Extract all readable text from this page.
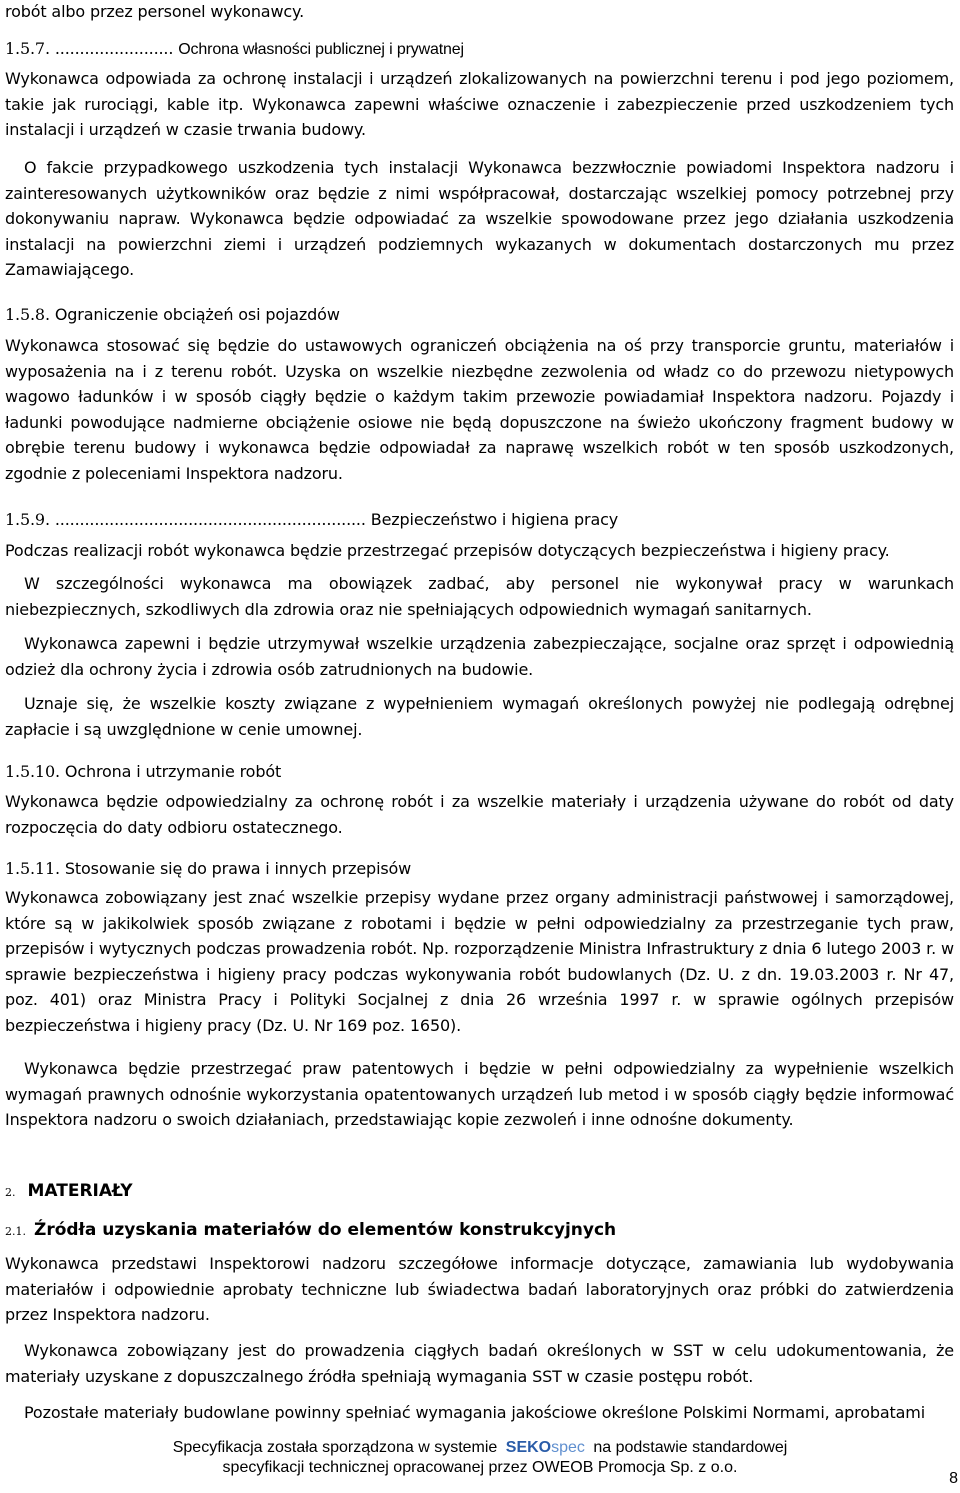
robót albo przez personel wykonawcy.

1.5.7. ........................ Ochrona własności publicznej i prywatnej

Wykonawca odpowiada za ochronę instalacji i urządzeń zlokalizowanych na powierzchni terenu i pod jego poziomem, takie jak rurociągi, kable itp. Wykonawca zapewni właściwe oznaczenie i zabezpieczenie przed uszkodzeniem tych instalacji i urządzeń w czasie trwania budowy.

O fakcie przypadkowego uszkodzenia tych instalacji Wykonawca bezzwłocznie powiadomi Inspektora nadzoru i zainteresowanych użytkowników oraz będzie z nimi współpracował, dostarczając wszelkiej pomocy potrzebnej przy dokonywaniu napraw. Wykonawca będzie odpowiadać za wszelkie spowodowane przez jego działania uszkodzenia instalacji na powierzchni ziemi i urządzeń podziemnych wykazanych w dokumentach dostarczonych mu przez Zamawiającego.

1.5.8. Ograniczenie obciążeń osi pojazdów

Wykonawca stosować się będzie do ustawowych ograniczeń obciążenia na oś przy transporcie gruntu, materiałów i wyposażenia na i z terenu robót. Uzyska on wszelkie niezbędne zezwolenia od władz co do przewozu nietypowych wagowo ładunków i w sposób ciągły będzie o każdym takim przewozie powiadamiał Inspektora nadzoru. Pojazdy i ładunki powodujące nadmierne obciążenie osiowe nie będą dopuszczone na świeżo ukończony fragment budowy w obrębie terenu budowy i wykonawca będzie odpowiadał za naprawę wszelkich robót w ten sposób uszkodzonych, zgodnie z poleceniami Inspektora nadzoru.

1.5.9. ............................................................... Bezpieczeństwo i higiena pracy

Podczas realizacji robót wykonawca będzie przestrzegać przepisów dotyczących bezpieczeństwa i higieny pracy.

W szczególności wykonawca ma obowiązek zadbać, aby personel nie wykonywał pracy w warunkach niebezpiecznych, szkodliwych dla zdrowia oraz nie spełniających odpowiednich wymagań sanitarnych.

Wykonawca zapewni i będzie utrzymywał wszelkie urządzenia zabezpieczające, socjalne oraz sprzęt i odpowiednią odzież dla ochrony życia i zdrowia osób zatrudnionych na budowie.

Uznaje się, że wszelkie koszty związane z wypełnieniem wymagań określonych powyżej nie podlegają odrębnej zapłacie i są uwzględnione w cenie umownej.

1.5.10. Ochrona i utrzymanie robót

Wykonawca będzie odpowiedzialny za ochronę robót i za wszelkie materiały i urządzenia używane do robót od daty rozpoczęcia do daty odbioru ostatecznego.

1.5.11. Stosowanie się do prawa i innych przepisów

Wykonawca zobowiązany jest znać wszelkie przepisy wydane przez organy administracji państwowej i samorządowej, które są w jakikolwiek sposób związane z robotami i będzie w pełni odpowiedzialny za przestrzeganie tych praw, przepisów i wytycznych podczas prowadzenia robót. Np. rozporządzenie Ministra Infrastruktury z dnia 6 lutego 2003 r. w sprawie bezpieczeństwa i higieny pracy podczas wykonywania robót budowlanych (Dz. U. z dn. 19.03.2003 r. Nr 47, poz. 401) oraz Ministra Pracy i Polityki Socjalnej z dnia 26 września 1997 r. w sprawie ogólnych przepisów bezpieczeństwa i higieny pracy (Dz. U. Nr 169 poz. 1650).

Wykonawca będzie przestrzegać praw patentowych i będzie w pełni odpowiedzialny za wypełnienie wszelkich wymagań prawnych odnośnie wykorzystania opatentowanych urządzeń lub metod i w sposób ciągły będzie informować Inspektora nadzoru o swoich działaniach, przedstawiając kopie zezwoleń i inne odnośne dokumenty.

2. MATERIAŁY

2.1. Źródła uzyskania materiałów do elementów konstrukcyjnych

Wykonawca przedstawi Inspektorowi nadzoru szczegółowe informacje dotyczące, zamawiania lub wydobywania materiałów i odpowiednie aprobaty techniczne lub świadectwa badań laboratoryjnych oraz próbki do zatwierdzenia przez Inspektora nadzoru.

Wykonawca zobowiązany jest do prowadzenia ciągłych badań określonych w SST w celu udokumentowania, że materiały uzyskane z dopuszczalnego źródła spełniają wymagania SST w czasie postępu robót.

Pozostałe materiały budowlane powinny spełniać wymagania jakościowe określone Polskimi Normami, aprobatami

Specyfikacja została sporządzona w systemie SEKOspec na podstawie standardowej
specyfikacji technicznej opracowanej przez OWEOB Promocja Sp. z o.o.
8
